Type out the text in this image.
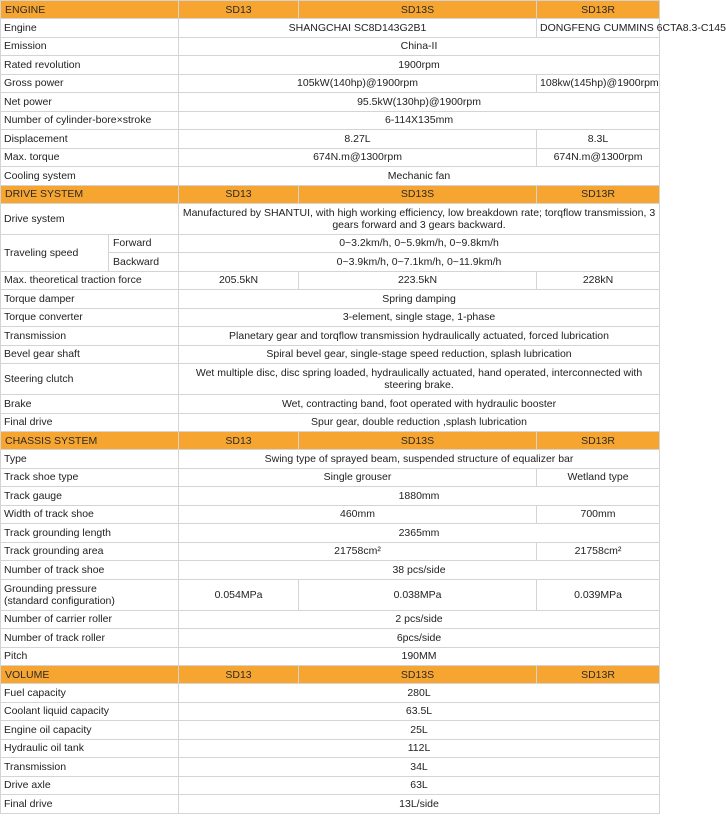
ENGINE		SD13	SD13S	SD13R
Engine		SHANGCHAI SC8D143G2B1		DONGFENG CUMMINS 6CTA8.3-C145
Emission		China-II		
Rated revolution		1900rpm		
Gross power		105kW(140hp)@1900rpm		108kw(145hp)@1900rpm
Net power		95.5kW(130hp)@1900rpm		
Number of cylinder-bore×stroke		6-114X135mm		
Displacement		8.27L		8.3L
Max. torque		674N.m@1300rpm		674N.m@1300rpm
Cooling system		Mechanic fan		
DRIVE SYSTEM		SD13	SD13S	SD13R
Drive system		Manufactured by SHANTUI, with high working efficiency, low breakdown rate; torqflow transmission, 3 gears forward and 3 gears backward.		
Traveling speed	Forward	0~3.2km/h, 0~5.9km/h, 0~9.8km/h		
	Backward	0~3.9km/h, 0~7.1km/h, 0~11.9km/h		
Max. theoretical traction force		205.5kN	223.5kN	228kN
Torque damper		Spring damping		
Torque converter		3-element, single stage, 1-phase		
Transmission		Planetary gear and torqflow transmission hydraulically actuated, forced lubrication		
Bevel gear shaft		Spiral bevel gear, single-stage speed reduction, splash lubrication		
Steering clutch		Wet multiple disc, disc spring loaded, hydraulically actuated, hand operated, interconnected with steering brake.		
Brake		Wet, contracting band, foot operated with hydraulic booster		
Final drive		Spur gear, double reduction ,splash lubrication		
CHASSIS SYSTEM		SD13	SD13S	SD13R
Type		Swing type of sprayed beam, suspended structure of equalizer bar		
Track shoe type		Single grouser		Wetland type
Track gauge		1880mm		
Width of track shoe		460mm		700mm
Track grounding length		2365mm		
Track grounding area		21758cm²		21758cm²
Number of track shoe		38 pcs/side		

Grounding pressure
(standard configuration)		0.054MPa	0.038MPa	0.039MPa
Number of carrier roller		2 pcs/side		
Number of track roller		6pcs/side		
Pitch		190MM		
VOLUME		SD13	SD13S	SD13R
Fuel capacity		280L		
Coolant liquid capacity		63.5L		
Engine oil capacity		25L		
Hydraulic oil tank		112L		
Transmission		34L		
Drive axle		63L		
Final drive		13L/side		
